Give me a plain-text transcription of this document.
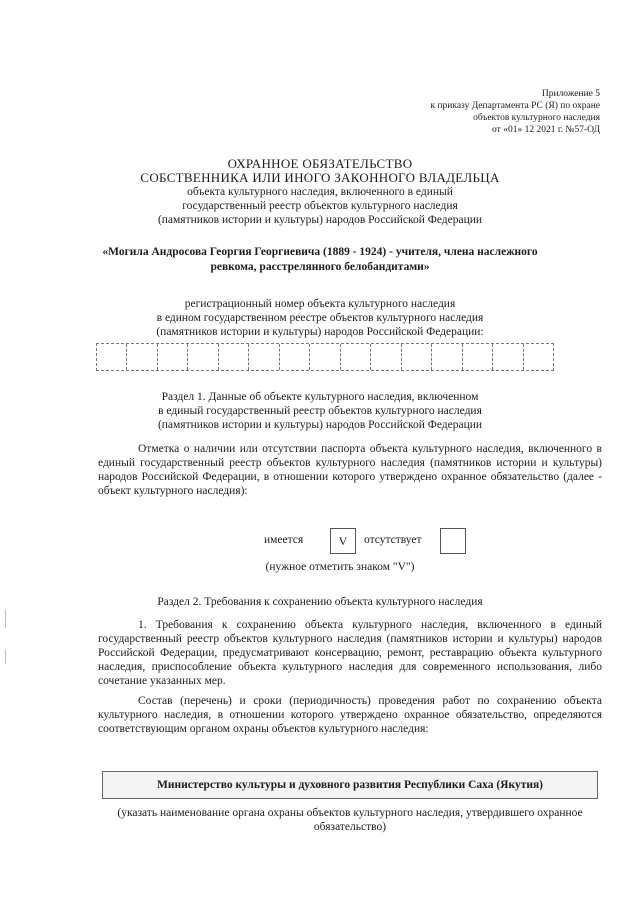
Приложение 5
к приказу Департамента РС (Я) по охране
объектов культурного наследия
от «01» 12 2021 г. №57-ОД
ОХРАННОЕ ОБЯЗАТЕЛЬСТВО
СОБСТВЕННИКА ИЛИ ИНОГО ЗАКОННОГО ВЛАДЕЛЬЦА
объекта культурного наследия, включенного в единый
государственный реестр объектов культурного наследия
(памятников истории и культуры) народов Российской Федерации
«Могила Андросова Георгия Георгиевича (1889 - 1924) - учителя, члена наслежного
ревкома, расстрелянного белобандитами»
регистрационный номер объекта культурного наследия
в едином государственном реестре объектов культурного наследия
(памятников истории и культуры) народов Российской Федерации:
Раздел 1. Данные об объекте культурного наследия, включенном
в единый государственный реестр объектов культурного наследия
(памятников истории и культуры) народов Российской Федерации
Отметка о наличии или отсутствии паспорта объекта культурного наследия, включенного в единый государственный реестр объектов культурного наследия (памятников истории и культуры) народов Российской Федерации, в отношении которого утверждено охранное обязательство (далее - объект культурного наследия):
имеется	V	отсутствует
(нужное отметить знаком "V")
Раздел 2. Требования к сохранению объекта культурного наследия
1. Требования к сохранению объекта культурного наследия, включенного в единый государственный реестр объектов культурного наследия (памятников истории и культуры) народов Российской Федерации, предусматривают консервацию, ремонт, реставрацию объекта культурного наследия, приспособление объекта культурного наследия для современного использования, либо сочетание указанных мер.
Состав (перечень) и сроки (периодичность) проведения работ по сохранению объекта культурного наследия, в отношении которого утверждено охранное обязательство, определяются соответствующим органом охраны объектов культурного наследия:
Министерство культуры и духовного развития Республики Саха (Якутия)
(указать наименование органа охраны объектов культурного наследия, утвердившего охранное обязательство)
